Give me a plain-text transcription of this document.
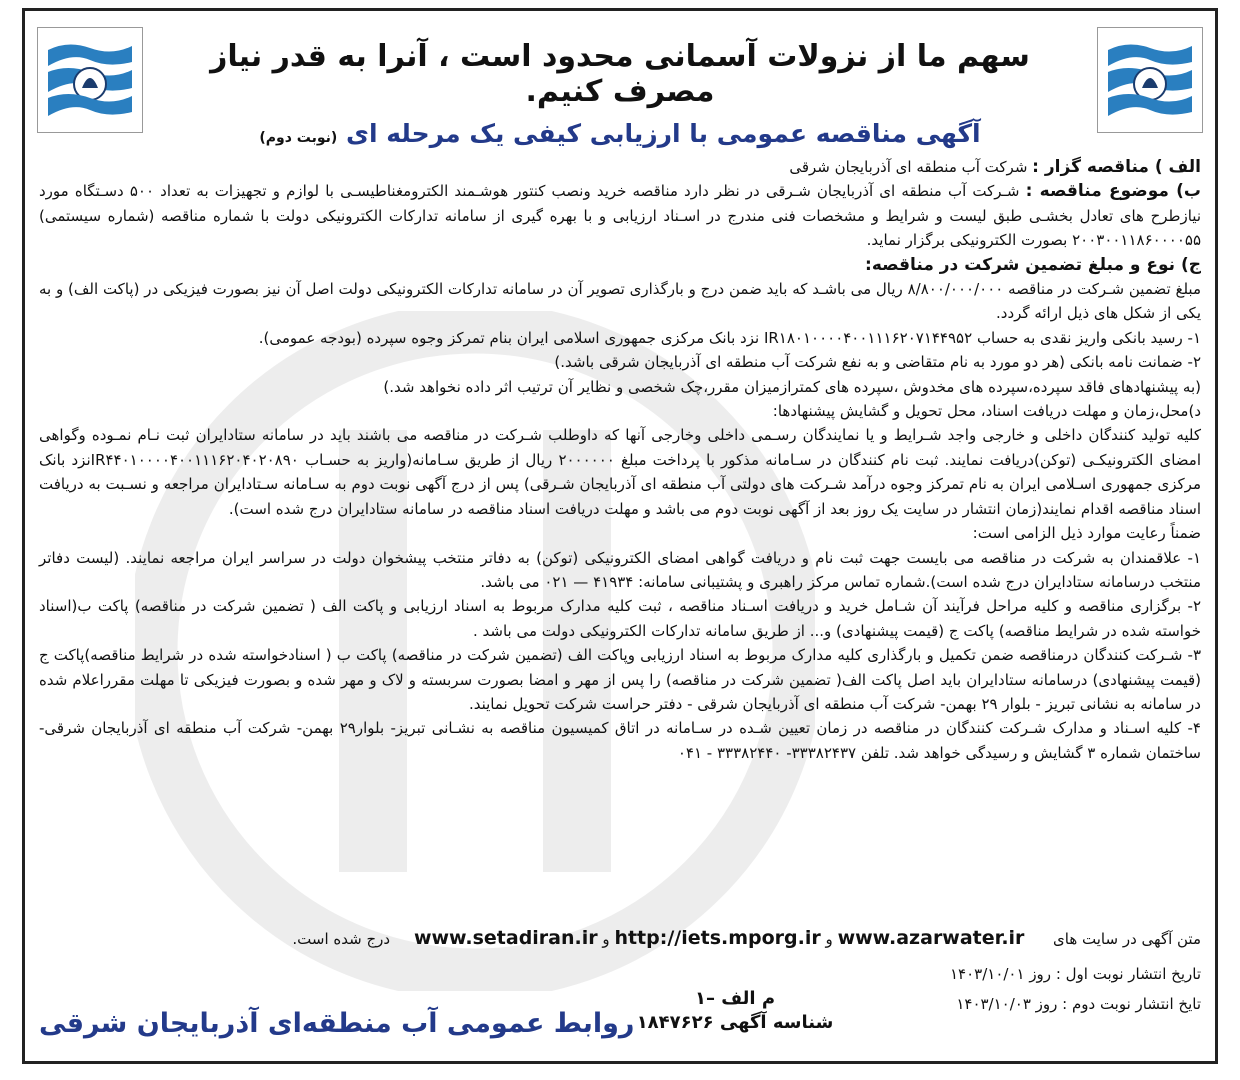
سهم ما از نزولات آسمانی محدود است ، آنرا به قدر نیاز مصرف کنیم.
آگهی مناقصه عمومی با ارزیابی کیفی یک مرحله ای (نوبت دوم)

الف ) مناقصه گزار : شرکت آب منطقه ای آذربایجان شرقی

ب) موضوع مناقصه : شـرکت آب منطقه ای آذربایجان شـرقی در نظر دارد مناقصه خرید ونصب کنتور هوشـمند الکترومغناطیسـی با لوازم و تجهیزات به تعداد ۵۰۰ دسـتگاه مورد نیازطرح های تعادل بخشـی طبق لیست و شرایط و مشخصات فنی مندرج در اسـناد ارزیابی و با بهره گیری از سامانه تدارکات الکترونیکی دولت با شماره مناقصه (شماره سیستمی) ۲۰۰۳۰۰۱۱۸۶۰۰۰۰۵۵ بصورت الکترونیکی برگزار نماید.

ج) نوع و مبلغ تضمین شرکت در مناقصه:

مبلغ تضمین شـرکت در مناقصه ۸/۸۰۰/۰۰۰/۰۰۰ ریال می باشـد که باید ضمن درج و بارگذاری تصویر آن در سامانه تدارکات الکترونیکی دولت اصل آن نیز بصورت فیزیکی در (پاکت الف) و به یکی از شکل های ذیل ارائه گردد.

۱- رسید بانکی واریز نقدی به حساب IR۱۸۰۱۰۰۰۰۴۰۰۱۱۱۶۲۰۷۱۴۴۹۵۲ نزد بانک مرکزی جمهوری اسلامی ایران بنام تمرکز وجوه سپرده (بودجه عمومی).

۲- ضمانت نامه بانکی (هر دو مورد به نام متقاضی و به نفع شرکت آب منطقه ای آذربایجان شرقی باشد.)

(به پیشنهادهای فاقد سپرده،سپرده های مخدوش ،سپرده های کمترازمیزان مقرر،چک شخصی و نظایر آن ترتیب اثر داده نخواهد شد.)

د)محل،زمان و مهلت دریافت اسناد، محل تحویل و گشایش پیشنهادها:

کلیه تولید کنندگان داخلی و خارجی واجد شـرایط و یا نمایندگان رسـمی داخلی وخارجی آنها که داوطلب شـرکت در مناقصه می باشند باید در سامانه ستادایران ثبت نـام نمـوده وگواهی امضای الکترونیکـی (توکن)دریافت نمایند. ثبت نام کنندگان در سـامانه مذکور با پرداخت مبلغ ۲۰۰۰۰۰۰ ریال از طریق سـامانه(واریز به حسـاب IR۴۴۰۱۰۰۰۰۴۰۰۱۱۱۶۲۰۴۰۲۰۸۹۰نزد بانک مرکزی جمهوری اسـلامی ایران به نام تمرکز وجوه درآمد شـرکت های دولتی آب منطقه ای آذربایجان شـرقی) پس از درج آگهی نوبت دوم به سـامانه سـتادایران مراجعه و نسـبت به دریافت اسناد مناقصه اقدام نمایند(زمان انتشار در سایت یک روز بعد از آگهی نوبت دوم می باشد و مهلت دریافت اسناد مناقصه در سامانه ستادایران درج شده است).

ضمناً رعایت موارد ذیل الزامی است:

۱- علاقمندان به شرکت در مناقصه می بایست جهت ثبت نام و دریافت گواهی امضای الکترونیکی (توکن) به دفاتر منتخب پیشخوان دولت در سراسر ایران مراجعه نمایند. (لیست دفاتر منتخب درسامانه ستادایران درج شده است).شماره تماس مرکز راهبری و پشتیبانی سامانه: ۴۱۹۳۴ — ۰۲۱ می باشد.

۲- برگزاری مناقصه و کلیه مراحل فرآیند آن شـامل خرید و دریافت اسـناد مناقصه ، ثبت کلیه مدارک مربوط به اسناد ارزیابی و پاکت الف ( تضمین شرکت در مناقصه) پاکت ب(اسناد خواسته شده در شرایط مناقصه) پاکت ج (قیمت پیشنهادی) و... از طریق سامانه تدارکات الکترونیکی دولت می باشد .

۳- شـرکت کنندگان درمناقصه ضمن تکمیل و بارگذاری کلیه مدارک مربوط به اسناد ارزیابی وپاکت الف (تضمین شرکت در مناقصه) پاکت ب ( اسنادخواسته شده در شرایط مناقصه)پاکت ج (قیمت پیشنهادی) درسامانه ستادایران باید اصل پاکت الف( تضمین شرکت در مناقصه) را پس از مهر و امضا بصورت سربسته و لاک و مهر شده و بصورت فیزیکی تا مهلت مقرراعلام شده در سامانه به نشانی تبریز - بلوار ۲۹ بهمن- شرکت آب منطقه ای آذربایجان شرقی - دفتر حراست شرکت تحویل نمایند.

۴- کلیه اسـناد و مدارک شـرکت کنندگان در مناقصه در زمان تعیین شـده در سـامانه در اتاق کمیسیون مناقصه به نشـانی تبریز- بلوار۲۹ بهمن- شرکت آب منطقه ای آذربایجان شرقی- ساختمان شماره ۳ گشایش و رسیدگی خواهد شد. تلفن ۳۳۳۸۲۴۳۷- ۳۳۳۸۲۴۴۰ - ۰۴۱

متن آگهی در سایت های      www.azarwater.ir و http://iets.mporg.ir و www.setadiran.ir     درج شده است.
تاریخ انتشار نوبت اول : روز ۱۴۰۳/۱۰/۰۱
تایخ انتشار نوبت دوم : روز ۱۴۰۳/۱۰/۰۳
م الف –۱
شناسه آگهی ۱۸۴۷۶۲۶
روابط عمومی آب منطقه‌ای آذربایجان شرقی
